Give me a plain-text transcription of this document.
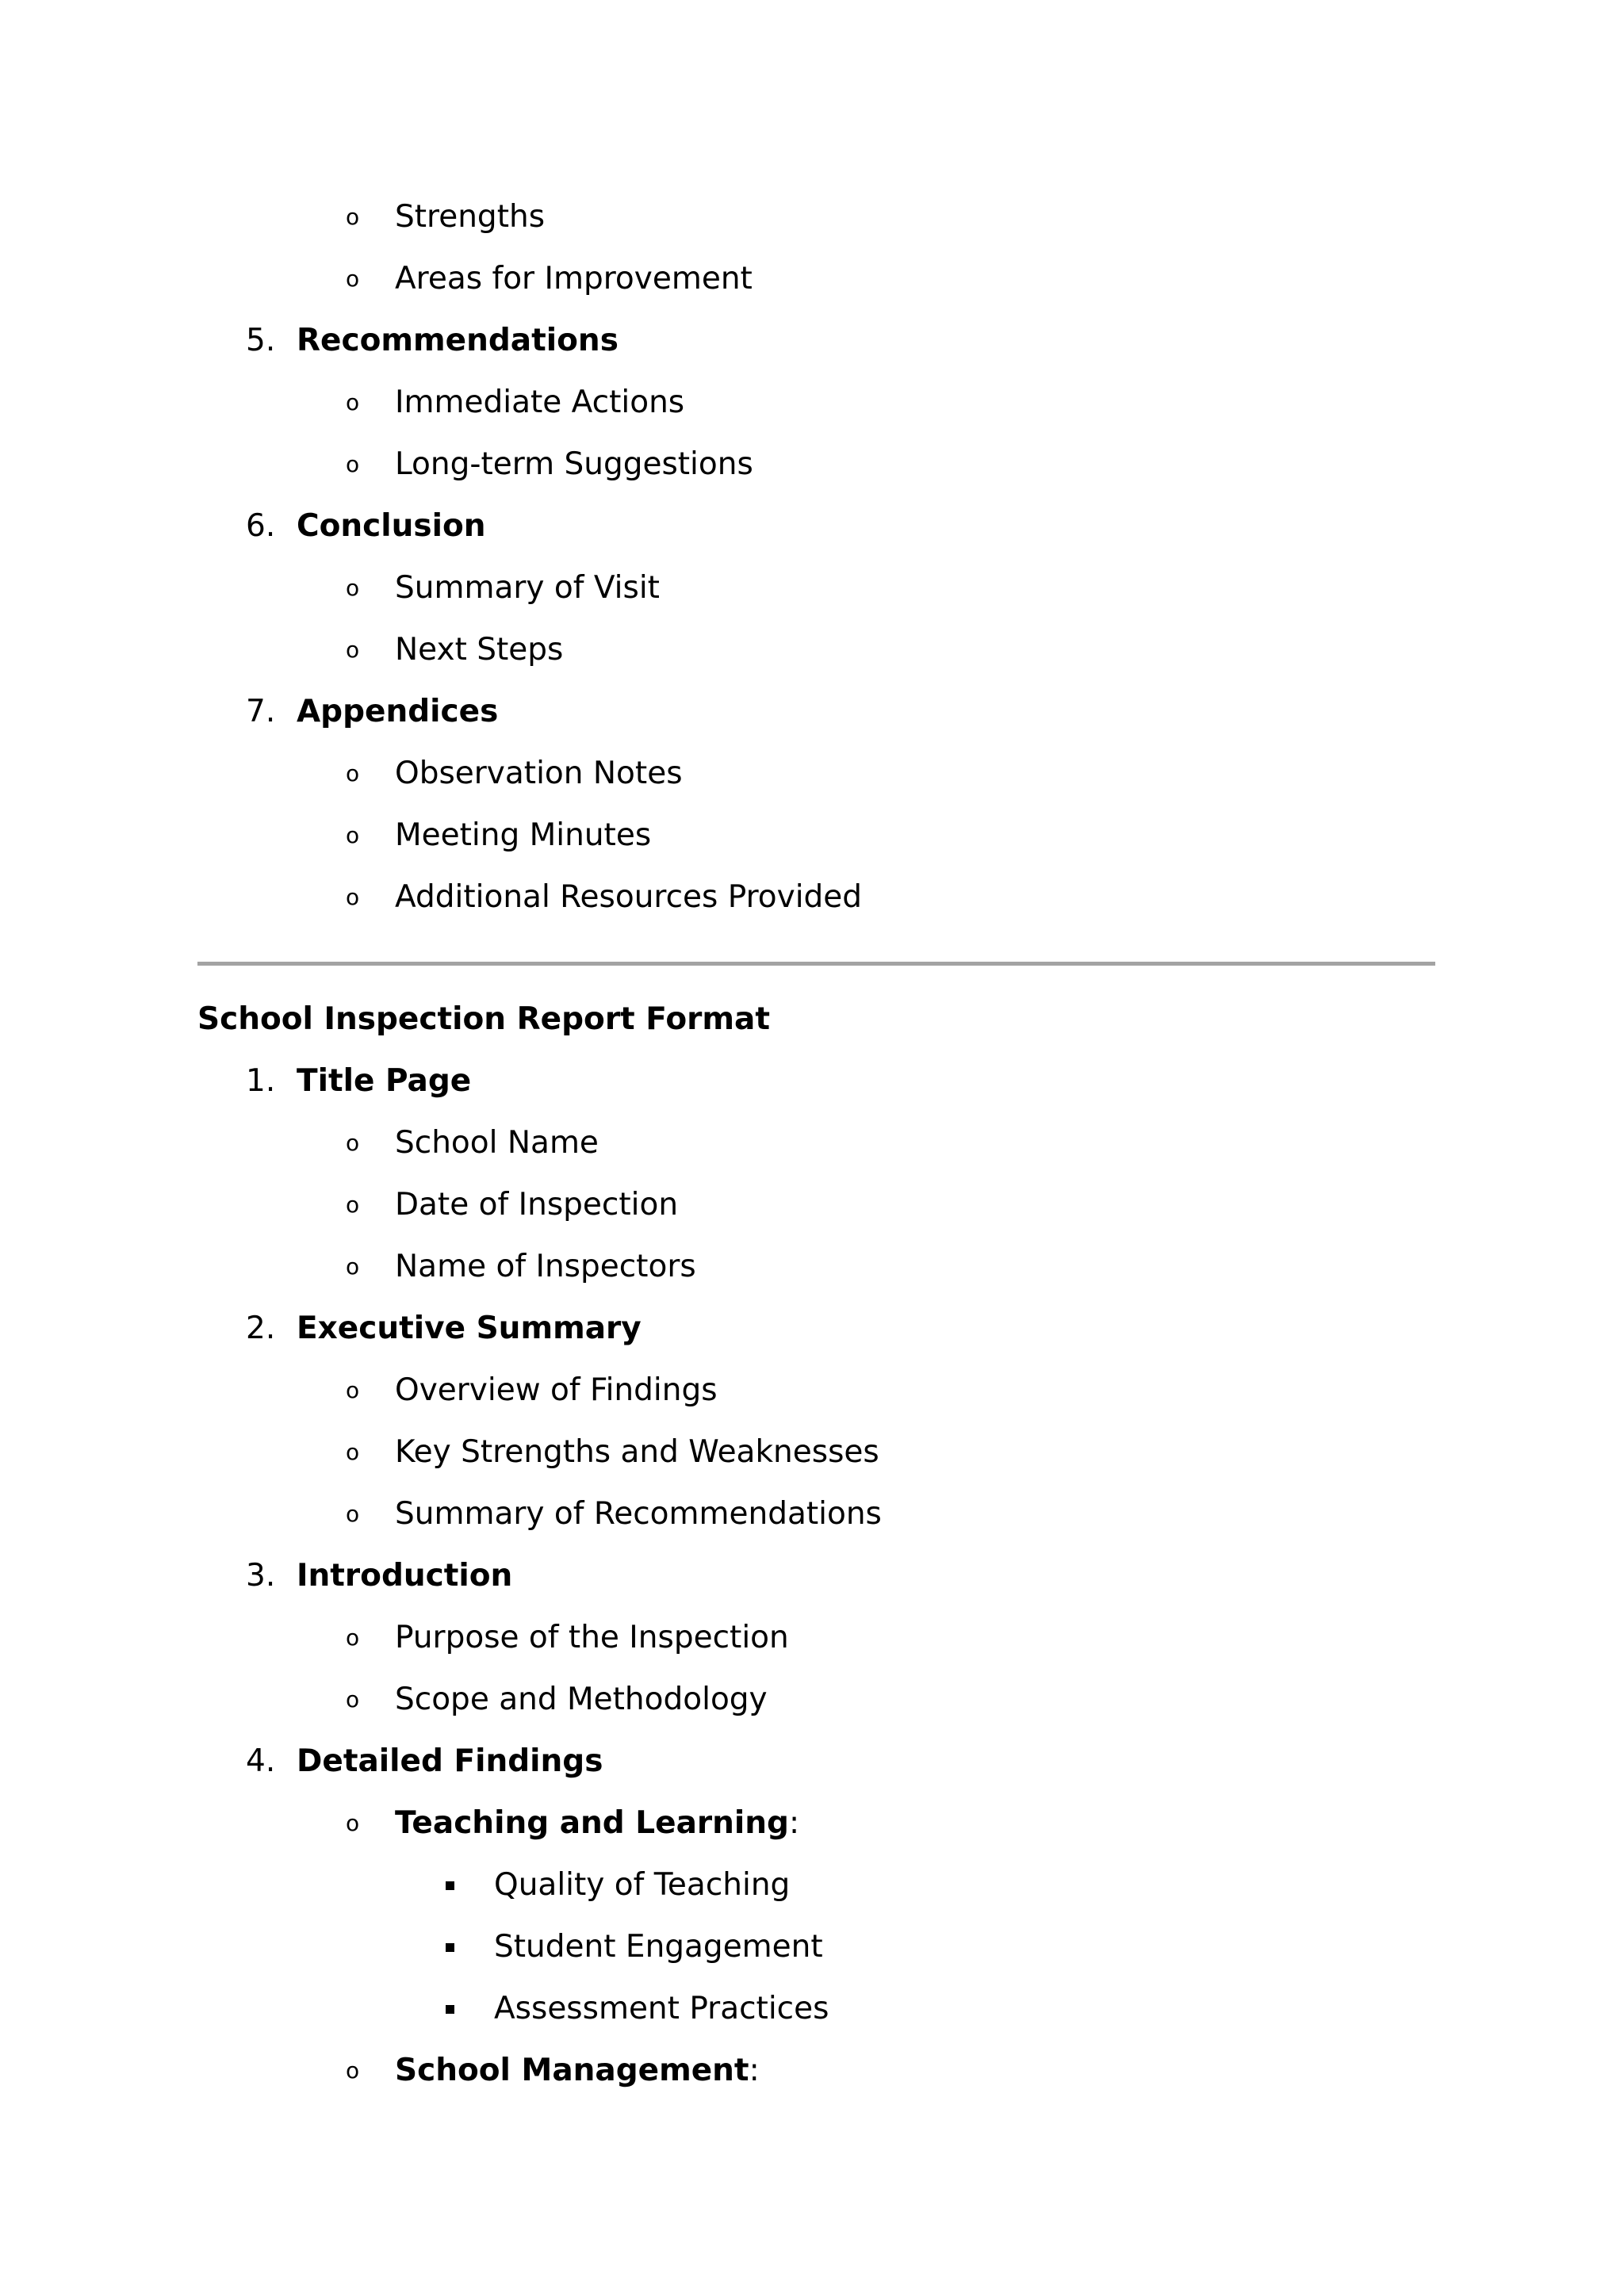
o Strengths
o Areas for Improvement
5. Recommendations
o Immediate Actions
o Long-term Suggestions
6. Conclusion
o Summary of Visit
o Next Steps
7. Appendices
o Observation Notes
o Meeting Minutes
o Additional Resources Provided
School Inspection Report Format
1. Title Page
o School Name
o Date of Inspection
o Name of Inspectors
2. Executive Summary
o Overview of Findings
o Key Strengths and Weaknesses
o Summary of Recommendations
3. Introduction
o Purpose of the Inspection
o Scope and Methodology
4. Detailed Findings
o Teaching and Learning:
Quality of Teaching
Student Engagement
Assessment Practices
o School Management:
